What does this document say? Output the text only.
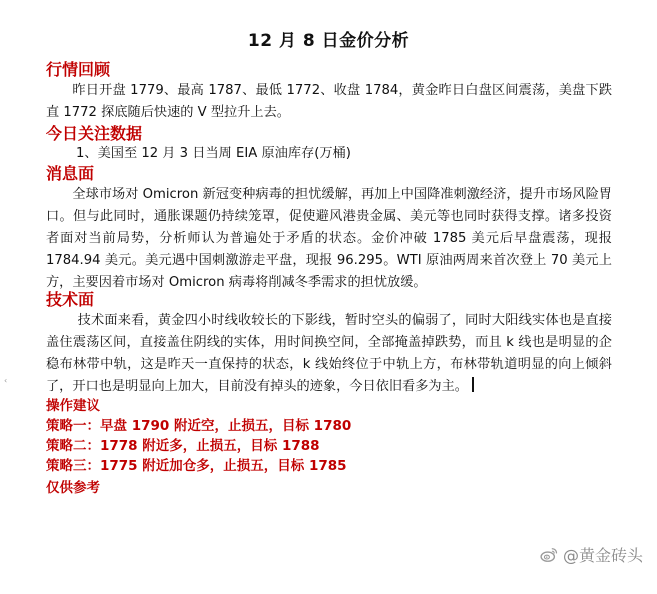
12 月 8 日金价分析
行情回顾

昨日开盘 1779、最高 1787、最低 1772、收盘 1784，黄金昨日白盘区间震荡，美盘下跌直 1772 探底随后快速的 V 型拉升上去。

今日关注数据
1、美国至 12 月 3 日当周 EIA 原油库存(万桶)
消息面

全球市场对 Omicron 新冠变种病毒的担忧缓解，再加上中国降准刺激经济，提升市场风险胃口。但与此同时，通胀课题仍持续笼罩，促使避风港贵金属、美元等也同时获得支撑。诸多投资者面对当前局势，分析师认为普遍处于矛盾的状态。金价冲破 1785 美元后早盘震荡，现报 1784.94 美元。美元遇中国刺激游走平盘，现报 96.295。WTI 原油两周来首次登上 70 美元上方，主要因着市场对 Omicron 病毒将削减冬季需求的担忧放缓。

技术面

技术面来看，黄金四小时线收较长的下影线，暂时空头的偏弱了，同时大阳线实体也是直接盖住震荡区间，直接盖住阴线的实体，用时间换空间，全部掩盖掉跌势，而且 k 线也是明显的企稳布林带中轨，这是昨天一直保持的状态，k 线始终位于中轨上方，布林带轨道明显的向上倾斜了，开口也是明显向上加大，目前没有掉头的迹象，今日依旧看多为主。

‹
操作建议
策略一：早盘 1790 附近空，止损五，目标 1780
策略二：1778 附近多，止损五，目标 1788
策略三：1775 附近加仓多，止损五，目标 1785
仅供参考
@黄金砖头
